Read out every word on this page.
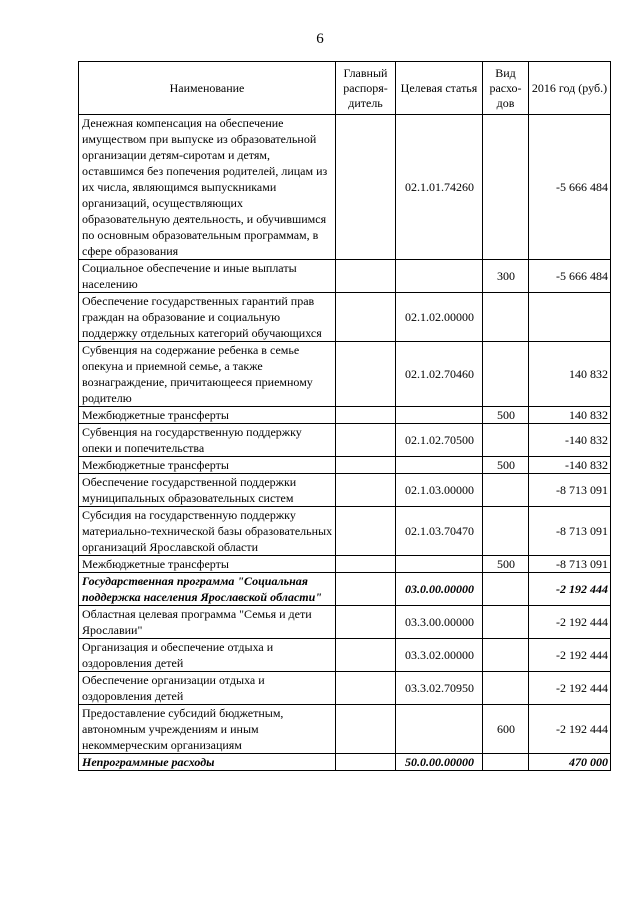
6
Наименование	Главный распоря-дитель	Целевая статья	Вид расхо-дов	2016 год (руб.)
Денежная компенсация на обеспечение имуществом при выпуске из образовательной организации детям-сиротам и детям, оставшимся без попечения родителей, лицам из их числа, являющимся выпускниками организаций, осуществляющих образовательную деятельность, и обучившимся по основным образовательным программам, в сфере образования		02.1.01.74260		-5 666 484
Социальное обеспечение и иные выплаты населению			300	-5 666 484
Обеспечение государственных гарантий прав граждан на образование и социальную поддержку отдельных категорий обучающихся		02.1.02.00000		
Субвенция на содержание ребенка в семье опекуна и приемной семье, а также вознаграждение, причитающееся приемному родителю		02.1.02.70460		140 832
Межбюджетные трансферты			500	140 832
Субвенция на государственную поддержку опеки и попечительства		02.1.02.70500		-140 832
Межбюджетные трансферты			500	-140 832
Обеспечение государственной поддержки муниципальных образовательных систем		02.1.03.00000		-8 713 091
Субсидия на государственную поддержку материально-технической базы образовательных организаций Ярославской области		02.1.03.70470		-8 713 091
Межбюджетные трансферты			500	-8 713 091
Государственная программа "Социальная поддержка населения Ярославской области"		03.0.00.00000		-2 192 444
Областная целевая программа "Семья и дети Ярославии"		03.3.00.00000		-2 192 444
Организация и обеспечение отдыха и оздоровления детей		03.3.02.00000		-2 192 444
Обеспечение организации отдыха и оздоровления детей		03.3.02.70950		-2 192 444
Предоставление субсидий бюджетным, автономным учреждениям и иным некоммерческим организациям			600	-2 192 444
Непрограммные расходы		50.0.00.00000		470 000
